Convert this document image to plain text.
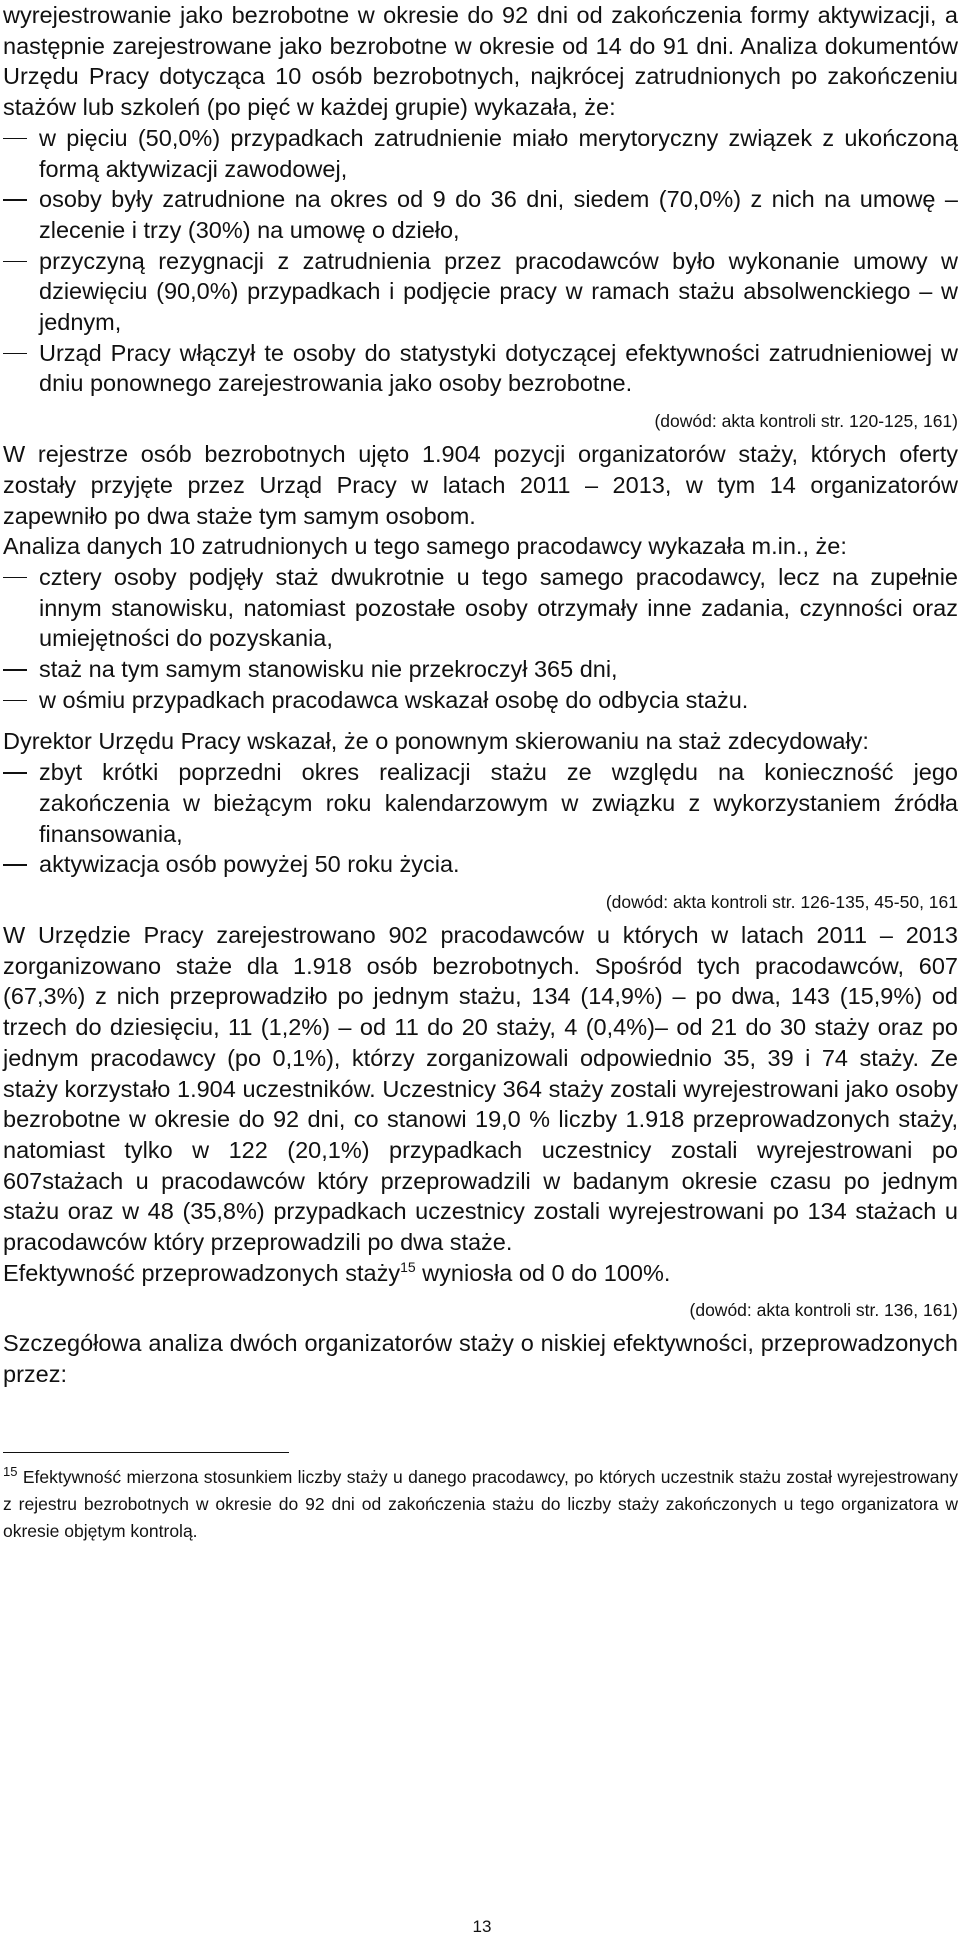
wyrejestrowanie jako bezrobotne w okresie do 92 dni od zakończenia formy aktywizacji, a następnie zarejestrowane jako bezrobotne w okresie od 14 do 91 dni. Analiza dokumentów Urzędu Pracy dotycząca 10 osób bezrobotnych, najkrócej zatrudnionych po zakończeniu stażów lub szkoleń (po pięć w każdej grupie) wykazała, że:

w pięciu (50,0%) przypadkach zatrudnienie miało merytoryczny związek z ukończoną formą aktywizacji zawodowej,
osoby były zatrudnione na okres od 9 do 36 dni, siedem (70,0%) z nich na umowę – zlecenie i trzy (30%) na umowę o dzieło,
przyczyną rezygnacji z zatrudnienia przez pracodawców było wykonanie umowy w dziewięciu (90,0%) przypadkach i podjęcie pracy w ramach stażu absolwenckiego – w jednym,
Urząd Pracy włączył te osoby do statystyki dotyczącej efektywności zatrudnieniowej w dniu ponownego zarejestrowania jako osoby bezrobotne.
(dowód: akta kontroli str. 120-125, 161)

W rejestrze osób bezrobotnych ujęto 1.904 pozycji organizatorów staży, których oferty zostały przyjęte przez Urząd Pracy w latach 2011 – 2013, w tym 14 organizatorów zapewniło po dwa staże tym samym osobom.

Analiza danych 10 zatrudnionych u tego samego pracodawcy wykazała m.in., że:

cztery osoby podjęły staż dwukrotnie u tego samego pracodawcy, lecz na zupełnie innym stanowisku, natomiast pozostałe osoby otrzymały inne zadania, czynności oraz umiejętności do pozyskania,
staż na tym samym stanowisku nie przekroczył 365 dni,
w ośmiu przypadkach pracodawca wskazał osobę do odbycia stażu.

Dyrektor Urzędu Pracy wskazał, że o ponownym skierowaniu na staż zdecydowały:

zbyt krótki poprzedni okres realizacji stażu ze względu na konieczność jego zakończenia w bieżącym roku kalendarzowym w związku z wykorzystaniem źródła finansowania,
aktywizacja osób powyżej 50 roku życia.
(dowód: akta kontroli str. 126-135, 45-50, 161

W Urzędzie Pracy zarejestrowano 902 pracodawców u których w latach 2011 – 2013 zorganizowano staże dla 1.918 osób bezrobotnych. Spośród tych pracodawców, 607 (67,3%) z nich przeprowadziło po jednym stażu, 134 (14,9%) – po dwa, 143 (15,9%) od trzech do dziesięciu, 11 (1,2%) – od 11 do 20 staży, 4 (0,4%)– od 21 do 30 staży oraz po jednym pracodawcy (po 0,1%), którzy zorganizowali odpowiednio 35, 39 i 74 staży. Ze staży korzystało 1.904 uczestników. Uczestnicy 364 staży zostali wyrejestrowani jako osoby bezrobotne w okresie do 92 dni, co stanowi 19,0 % liczby 1.918 przeprowadzonych staży, natomiast tylko w 122 (20,1%) przypadkach uczestnicy zostali wyrejestrowani po 607stażach u pracodawców który przeprowadzili w badanym okresie czasu po jednym stażu oraz w 48 (35,8%) przypadkach uczestnicy zostali wyrejestrowani po 134 stażach u pracodawców który przeprowadzili po dwa staże.

Efektywność przeprowadzonych staży$^{15}$ wyniosła od 0 do 100%.

(dowód: akta kontroli str. 136, 161)

Szczegółowa analiza dwóch organizatorów staży o niskiej efektywności, przeprowadzonych przez:

$^{15}$ Efektywność mierzona stosunkiem liczby staży u danego pracodawcy, po których uczestnik stażu został wyrejestrowany z rejestru bezrobotnych w okresie do 92 dni od zakończenia stażu do liczby staży zakończonych u tego organizatora w okresie objętym kontrolą.

13
